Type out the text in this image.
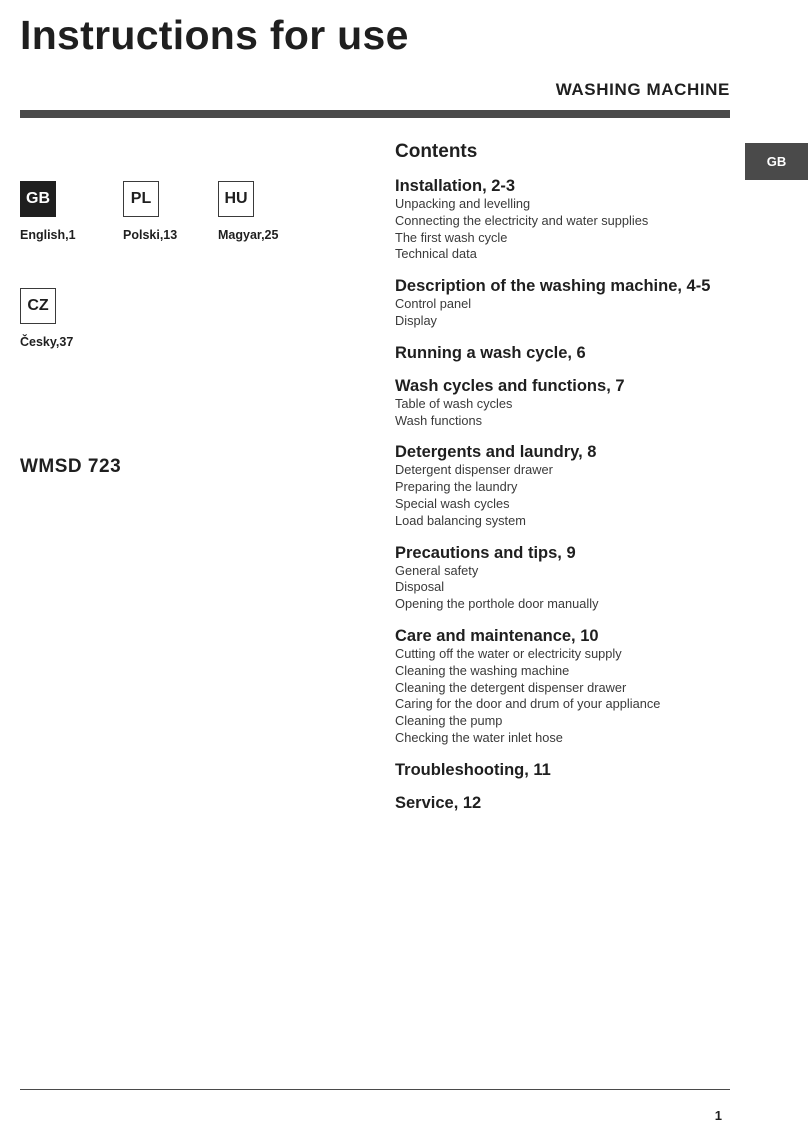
Instructions for use
WASHING MACHINE
GB
GB
English,1
PL
Polski,13
HU
Magyar,25
CZ
Česky,37
WMSD 723
Contents
Installation, 2-3
Unpacking and levelling
Connecting the electricity and water supplies
The first wash cycle
Technical data
Description of the washing machine, 4-5
Control panel
Display
Running a wash cycle, 6
Wash cycles and functions, 7
Table of wash cycles
Wash functions
Detergents and laundry, 8
Detergent dispenser drawer
Preparing the laundry
Special wash cycles
Load balancing system
Precautions and tips, 9
General safety
Disposal
Opening the porthole door manually
Care and maintenance, 10
Cutting off the water or electricity supply
Cleaning the washing machine
Cleaning the detergent dispenser drawer
Caring for the door and drum of your appliance
Cleaning the pump
Checking the water inlet hose
Troubleshooting, 11
Service, 12
1
